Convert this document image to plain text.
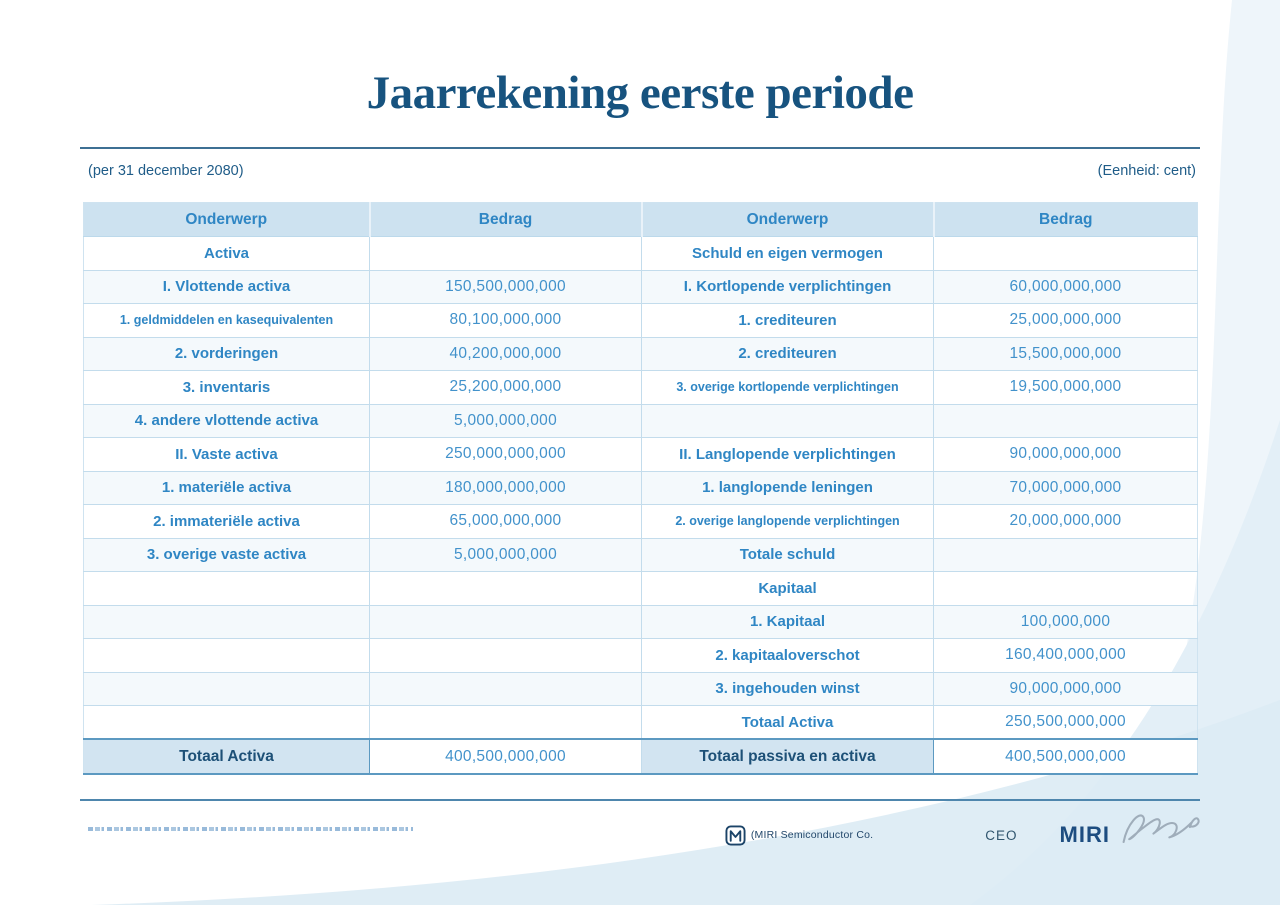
Jaarrekening eerste periode
(per 31 december 2080)	(Eenheid: cent)
Onderwerp	Bedrag	Onderwerp	Bedrag
Activa		Schuld en eigen vermogen	
I. Vlottende activa	150,500,000,000	I. Kortlopende verplichtingen	60,000,000,000
1. geldmiddelen en kasequivalenten	80,100,000,000	1. crediteuren	25,000,000,000
2. vorderingen	40,200,000,000	2. crediteuren	15,500,000,000
3. inventaris	25,200,000,000	3. overige kortlopende verplichtingen	19,500,000,000
4. andere vlottende activa	5,000,000,000		
II. Vaste activa	250,000,000,000	II. Langlopende verplichtingen	90,000,000,000
1. materiële activa	180,000,000,000	1. langlopende leningen	70,000,000,000
2. immateriële activa	65,000,000,000	2. overige langlopende verplichtingen	20,000,000,000
3. overige vaste activa	5,000,000,000	Totale schuld	
		Kapitaal	
		1. Kapitaal	100,000,000
		2. kapitaaloverschot	160,400,000,000
		3. ingehouden winst	90,000,000,000
		Totaal Activa	250,500,000,000
Totaal Activa	400,500,000,000	Totaal passiva en activa	400,500,000,000
(MIRI Semiconductor Co.	CEO MIRI
